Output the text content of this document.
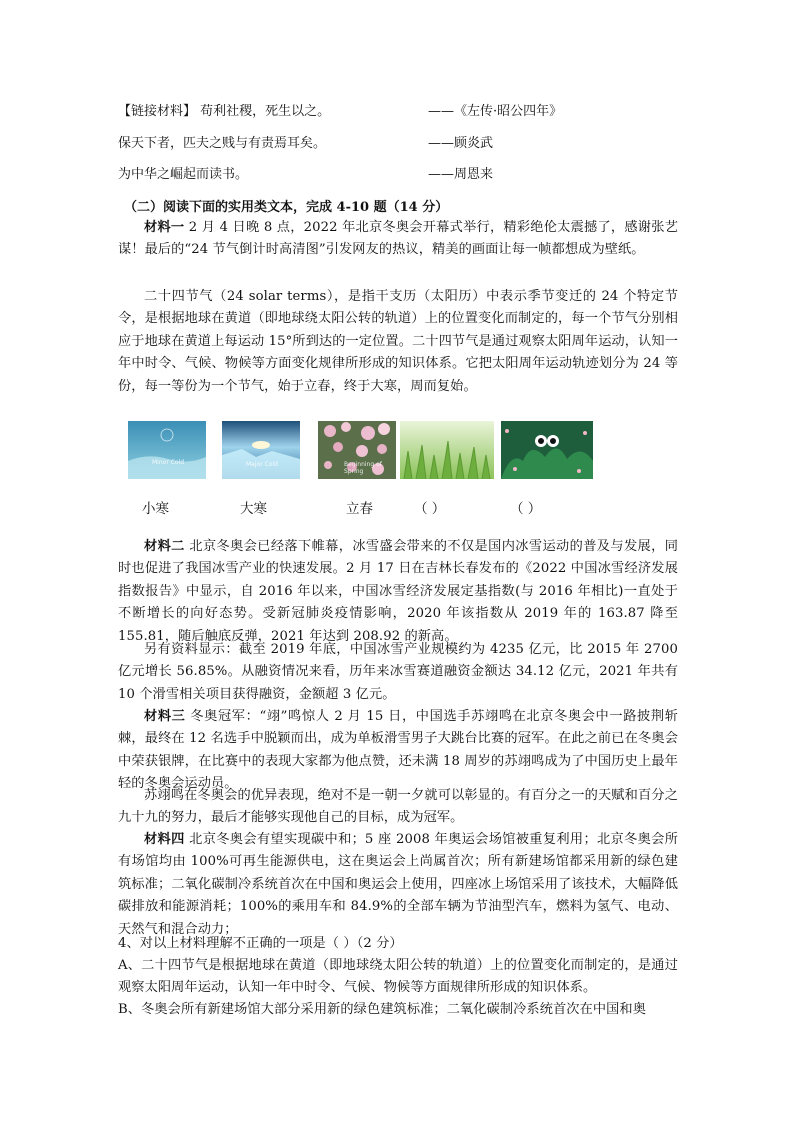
【链接材料】 苟利社稷，死生以之。	——《左传·昭公四年》
保天下者，匹夫之贱与有责焉耳矣。	——顾炎武
为中华之崛起而读书。	——周恩来
（二）阅读下面的实用类文本，完成 4-10 题（14 分）
材料一 2 月 4 日晚 8 点，2022 年北京冬奥会开幕式举行，精彩绝伦太震撼了，感谢张艺谋！最后的“24 节气倒计时高清图”引发网友的热议，精美的画面让每一帧都想成为壁纸。
二十四节气（24 solar terms），是指干支历（太阳历）中表示季节变迁的 24 个特定节令，是根据地球在黄道（即地球绕太阳公转的轨道）上的位置变化而制定的，每一个节气分别相应于地球在黄道上每运动 15°所到达的一定位置。二十四节气是通过观察太阳周年运动，认知一年中时令、气候、物候等方面变化规律所形成的知识体系。它把太阳周年运动轨迹划分为 24 等份，每一等份为一个节气，始于立春，终于大寒，周而复始。
Minor Cold	Major Cold	Beginning of Spring
小寒	大寒	立春	（ ）	（ ）
材料二 北京冬奥会已经落下帷幕，冰雪盛会带来的不仅是国内冰雪运动的普及与发展，同时也促进了我国冰雪产业的快速发展。2 月 17 日在吉林长春发布的《2022 中国冰雪经济发展指数报告》中显示，自 2016 年以来，中国冰雪经济发展定基指数(与 2016 年相比)一直处于不断增长的向好态势。受新冠肺炎疫情影响，2020 年该指数从 2019 年的 163.87 降至 155.81，随后触底反弹，2021 年达到 208.92 的新高。
另有资料显示：截至 2019 年底，中国冰雪产业规模约为 4235 亿元，比 2015 年 2700 亿元增长 56.85%。从融资情况来看，历年来冰雪赛道融资金额达 34.12 亿元，2021 年共有 10 个滑雪相关项目获得融资，金额超 3 亿元。
材料三 冬奥冠军：“翊”鸣惊人 2 月 15 日，中国选手苏翊鸣在北京冬奥会中一路披荆斩棘，最终在 12 名选手中脱颖而出，成为单板滑雪男子大跳台比赛的冠军。在此之前已在冬奥会中荣获银牌，在比赛中的表现大家都为他点赞，还未满 18 周岁的苏翊鸣成为了中国历史上最年轻的冬奥会运动员。
苏翊鸣在冬奥会的优异表现，绝对不是一朝一夕就可以彰显的。有百分之一的天赋和百分之九十九的努力，最后才能够实现他自己的目标，成为冠军。
材料四 北京冬奥会有望实现碳中和；5 座 2008 年奥运会场馆被重复利用；北京冬奥会所有场馆均由 100%可再生能源供电，这在奥运会上尚属首次；所有新建场馆都采用新的绿色建筑标准；二氧化碳制冷系统首次在中国和奥运会上使用，四座冰上场馆采用了该技术，大幅降低碳排放和能源消耗；100%的乘用车和 84.9%的全部车辆为节油型汽车，燃料为氢气、电动、天然气和混合动力；
4、对以上材料理解不正确的一项是（ ）（2 分）
A、二十四节气是根据地球在黄道（即地球绕太阳公转的轨道）上的位置变化而制定的，是通过观察太阳周年运动，认知一年中时令、气候、物候等方面规律所形成的知识体系。
B、冬奥会所有新建场馆大部分采用新的绿色建筑标准；二氧化碳制冷系统首次在中国和奥
